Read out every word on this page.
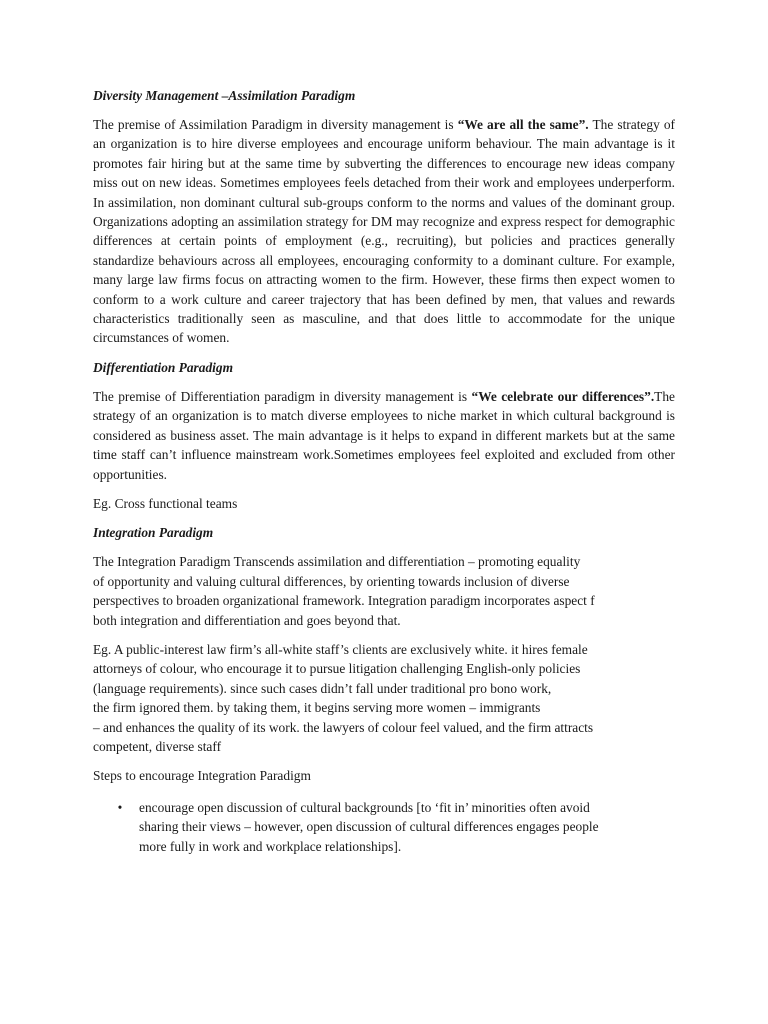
Diversity Management –Assimilation Paradigm

The premise of Assimilation Paradigm in diversity management is “We are all the same”. The strategy of an organization is to hire diverse employees and encourage uniform behaviour. The main advantage is it promotes fair hiring but at the same time by subverting the differences to encourage new ideas company miss out on new ideas. Sometimes employees feels detached from their work and employees underperform. In assimilation, non dominant cultural sub-groups conform to the norms and values of the dominant group. Organizations adopting an assimilation strategy for DM may recognize and express respect for demographic differences at certain points of employment (e.g., recruiting), but policies and practices generally standardize behaviours across all employees, encouraging conformity to a dominant culture. For example, many large law firms focus on attracting women to the firm. However, these firms then expect women to conform to a work culture and career trajectory that has been defined by men, that values and rewards characteristics traditionally seen as masculine, and that does little to accommodate for the unique circumstances of women.

Differentiation Paradigm

The premise of Differentiation paradigm in diversity management is “We celebrate our differences”.The strategy of an organization is to match diverse employees to niche market in which cultural background is considered as business asset. The main advantage is it helps to expand in different markets but at the same time staff can’t influence mainstream work.Sometimes employees feel exploited and excluded from other opportunities.

Eg. Cross functional teams

Integration Paradigm

The Integration Paradigm Transcends assimilation and differentiation – promoting equality
of opportunity and valuing cultural differences, by orienting towards inclusion of diverse
perspectives to broaden organizational framework. Integration paradigm incorporates aspect f
both integration and differentiation and goes beyond that.

Eg. A public-interest law firm’s all-white staff’s clients are exclusively white. it hires female
attorneys of colour, who encourage it to pursue litigation challenging English-only policies
(language requirements). since such cases didn’t fall under traditional pro bono work,
the firm ignored them. by taking them, it begins serving more women – immigrants
– and enhances the quality of its work. the lawyers of colour feel valued, and the firm attracts
competent, diverse staff

Steps to encourage Integration Paradigm

• encourage open discussion of cultural backgrounds [to ‘fit in’ minorities often avoid
sharing their views – however, open discussion of cultural differences engages people
more fully in work and workplace relationships].
